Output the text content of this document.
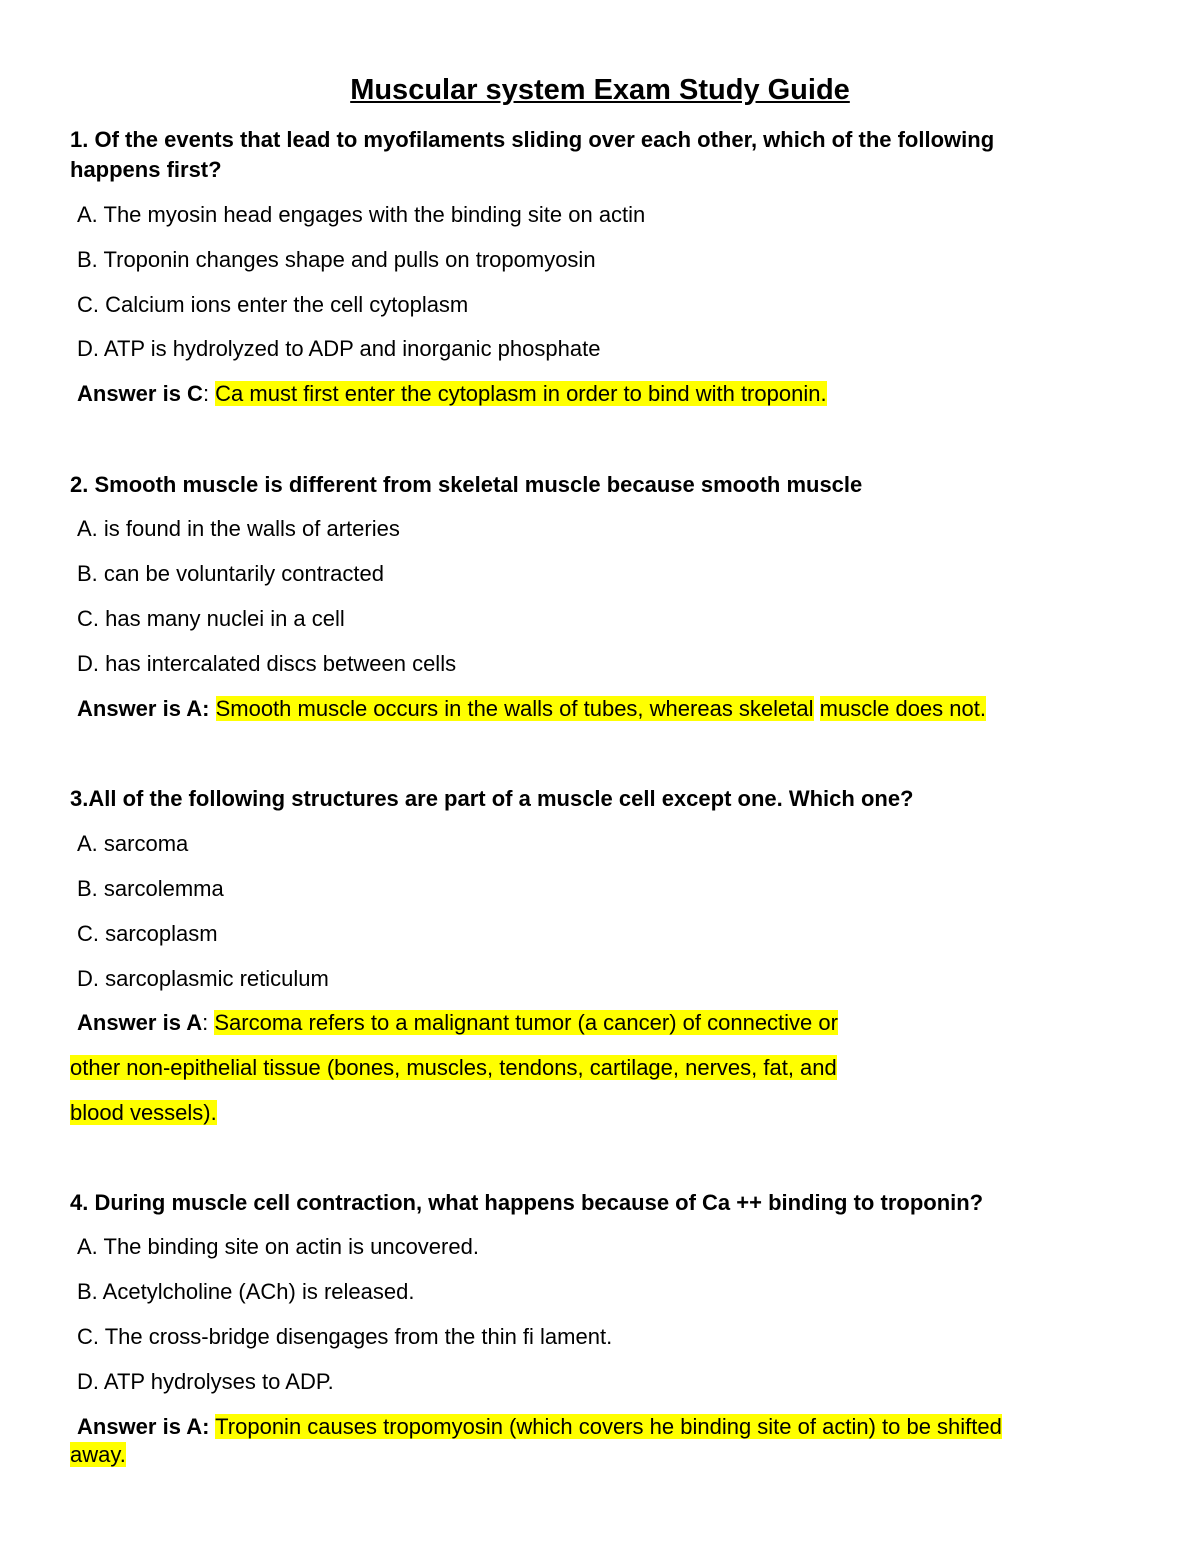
Muscular system Exam Study Guide
1. Of the events that lead to myofilaments sliding over each other, which of the following
happens first?
A. The myosin head engages with the binding site on actin
B. Troponin changes shape and pulls on tropomyosin
C. Calcium ions enter the cell cytoplasm
D. ATP is hydrolyzed to ADP and inorganic phosphate
Answer is C: Ca must first enter the cytoplasm in order to bind with troponin.
2. Smooth muscle is different from skeletal muscle because smooth muscle
A. is found in the walls of arteries
B. can be voluntarily contracted
C. has many nuclei in a cell
D. has intercalated discs between cells
Answer is A: Smooth muscle occurs in the walls of tubes, whereas skeletal muscle does not.
3.All of the following structures are part of a muscle cell except one. Which one?
A. sarcoma
B. sarcolemma
C. sarcoplasm
D. sarcoplasmic reticulum
Answer is A: Sarcoma refers to a malignant tumor (a cancer) of connective or
other non-epithelial tissue (bones, muscles, tendons, cartilage, nerves, fat, and
blood vessels).
4. During muscle cell contraction, what happens because of Ca ++ binding to troponin?
A. The binding site on actin is uncovered.
B. Acetylcholine (ACh) is released.
C. The cross-bridge disengages from the thin fi lament.
D. ATP hydrolyses to ADP.
Answer is A: Troponin causes tropomyosin (which covers he binding site of actin) to be shifted
away.
